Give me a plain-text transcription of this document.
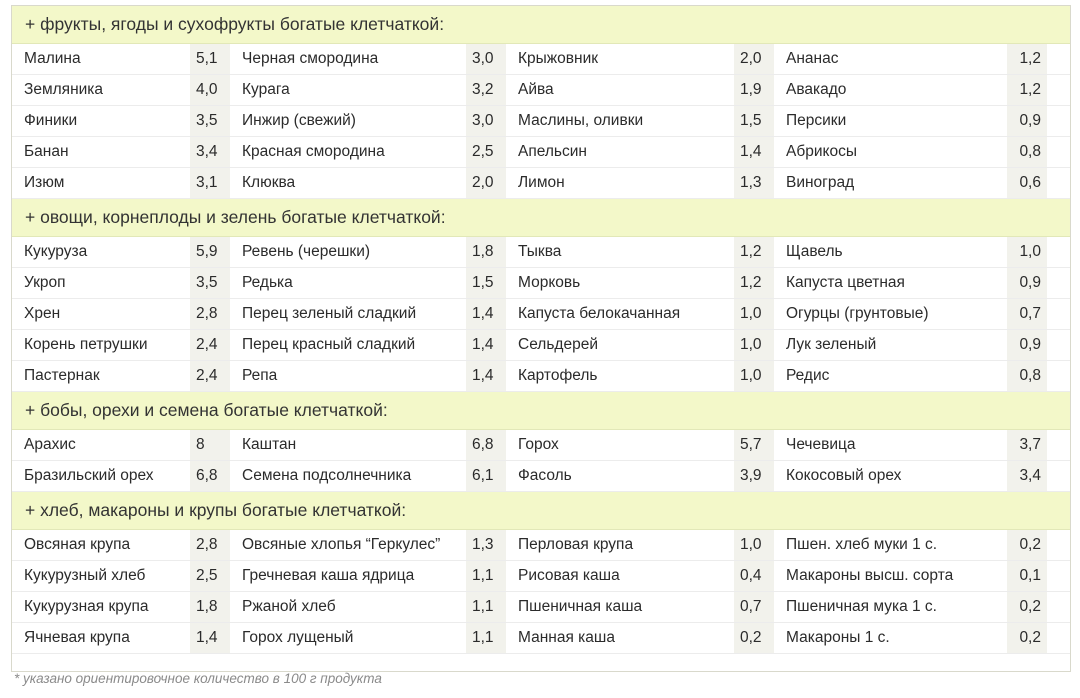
+ фрукты, ягоды и сухофрукты богатые клетчаткой:
Малина	5,1	Черная смородина	3,0	Крыжовник	2,0	Ананас	1,2
Земляника	4,0	Курага	3,2	Айва	1,9	Авакадо	1,2
Финики	3,5	Инжир (свежий)	3,0	Маслины, оливки	1,5	Персики	0,9
Банан	3,4	Красная смородина	2,5	Апельсин	1,4	Абрикосы	0,8
Изюм	3,1	Клюква	2,0	Лимон	1,3	Виноград	0,6
+ овощи, корнеплоды и зелень богатые клетчаткой:
Кукуруза	5,9	Ревень (черешки)	1,8	Тыква	1,2	Щавель	1,0
Укроп	3,5	Редька	1,5	Морковь	1,2	Капуста цветная	0,9
Хрен	2,8	Перец зеленый сладкий	1,4	Капуста белокачанная	1,0	Огурцы (грунтовые)	0,7
Корень петрушки	2,4	Перец красный сладкий	1,4	Сельдерей	1,0	Лук зеленый	0,9
Пастернак	2,4	Репа	1,4	Картофель	1,0	Редис	0,8
+ бобы, орехи и семена богатые клетчаткой:
Арахис	8	Каштан	6,8	Горох	5,7	Чечевица	3,7
Бразильский орех	6,8	Семена подсолнечника	6,1	Фасоль	3,9	Кокосовый орех	3,4
+ хлеб, макароны и крупы богатые клетчаткой:
Овсяная крупа	2,8	Овсяные хлопья “Геркулес”	1,3	Перловая крупа	1,0	Пшен. хлеб муки 1 с.	0,2
Кукурузный хлеб	2,5	Гречневая каша ядрица	1,1	Рисовая каша	0,4	Макароны высш. сорта	0,1
Кукурузная крупа	1,8	Ржаной хлеб	1,1	Пшеничная каша	0,7	Пшеничная мука 1 с.	0,2
Ячневая крупа	1,4	Горох лущеный	1,1	Манная каша	0,2	Макароны 1 с.	0,2
* указано ориентировочное количество в 100 г продукта
